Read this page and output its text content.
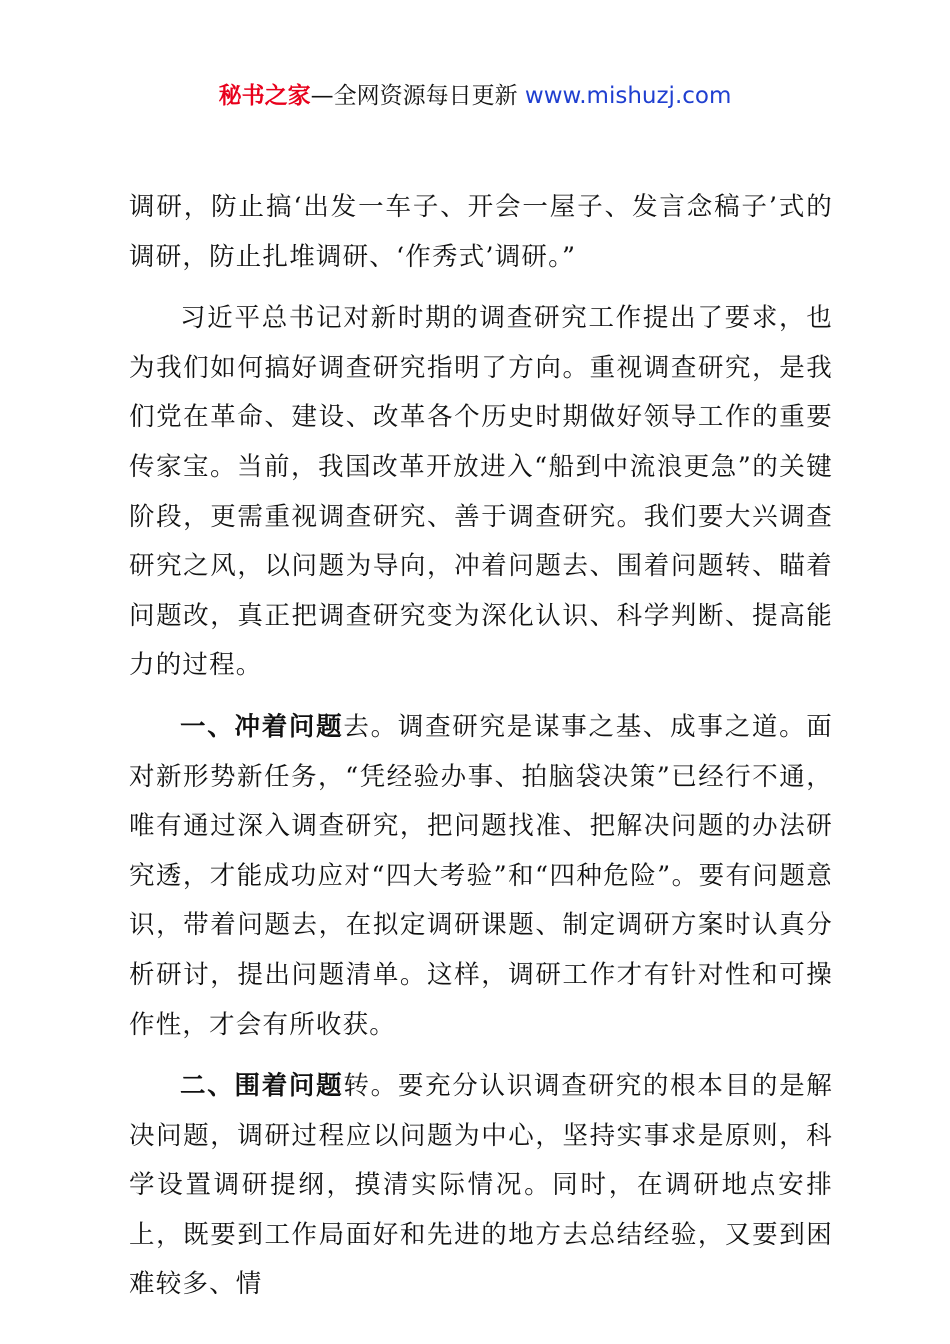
秘书之家—全网资源每日更新 www.mishuzj.com

调研，防止搞‘出发一车子、开会一屋子、发言念稿子’式的调研，防止扎堆调研、‘作秀式’调研。”

习近平总书记对新时期的调查研究工作提出了要求，也为我们如何搞好调查研究指明了方向。重视调查研究，是我们党在革命、建设、改革各个历史时期做好领导工作的重要传家宝。当前，我国改革开放进入“船到中流浪更急”的关键阶段，更需重视调查研究、善于调查研究。我们要大兴调查研究之风，以问题为导向，冲着问题去、围着问题转、瞄着问题改，真正把调查研究变为深化认识、科学判断、提高能力的过程。

一、冲着问题去。调查研究是谋事之基、成事之道。面对新形势新任务，“凭经验办事、拍脑袋决策”已经行不通，唯有通过深入调查研究，把问题找准、把解决问题的办法研究透，才能成功应对“四大考验”和“四种危险”。要有问题意识，带着问题去，在拟定调研课题、制定调研方案时认真分析研讨，提出问题清单。这样，调研工作才有针对性和可操作性，才会有所收获。

二、围着问题转。要充分认识调查研究的根本目的是解决问题，调研过程应以问题为中心，坚持实事求是原则，科学设置调研提纲，摸清实际情况。同时，在调研地点安排上，既要到工作局面好和先进的地方去总结经验，又要到困难较多、情
